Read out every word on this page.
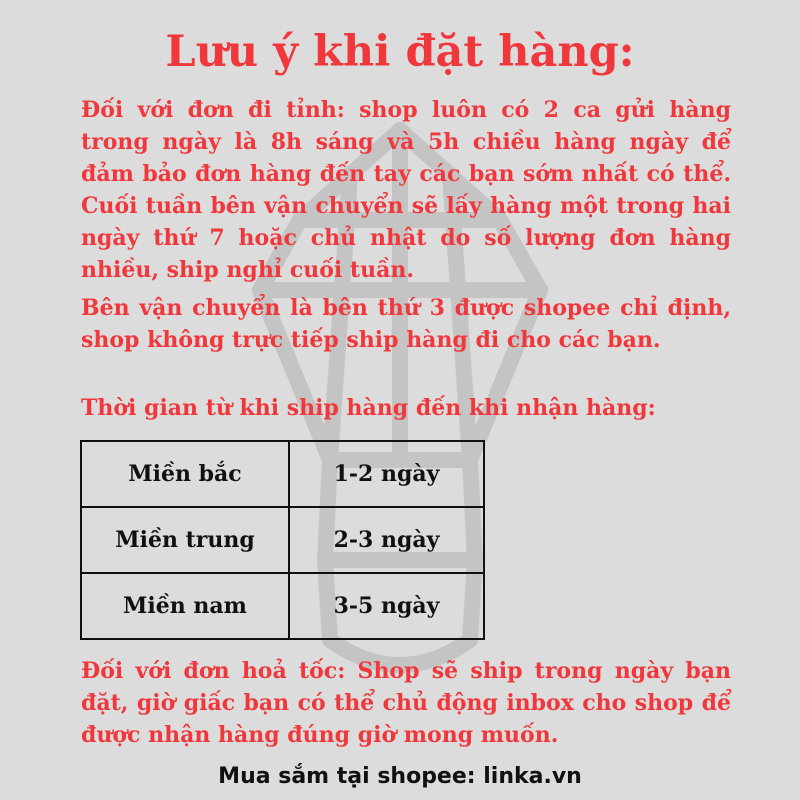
Lưu ý khi đặt hàng:
Đối với đơn đi tỉnh: shop luôn có 2 ca gửi hàng trong ngày là 8h sáng và 5h chiều hàng ngày để đảm bảo đơn hàng đến tay các bạn sớm nhất có thể. Cuối tuần bên vận chuyển sẽ lấy hàng một trong hai ngày thứ 7 hoặc chủ nhật do số lượng đơn hàng nhiều, ship nghỉ cuối tuần.
Bên vận chuyển là bên thứ 3 được shopee chỉ định, shop không trực tiếp ship hàng đi cho các bạn.
Thời gian từ khi ship hàng đến khi nhận hàng:
Miền bắc	1-2 ngày
Miền trung	2-3 ngày
Miền nam	3-5 ngày
Đối với đơn hoả tốc: Shop sẽ ship trong ngày bạn đặt, giờ giấc bạn có thể chủ động inbox cho shop để được nhận hàng đúng giờ mong muốn.
Mua sắm tại shopee: linka.vn
